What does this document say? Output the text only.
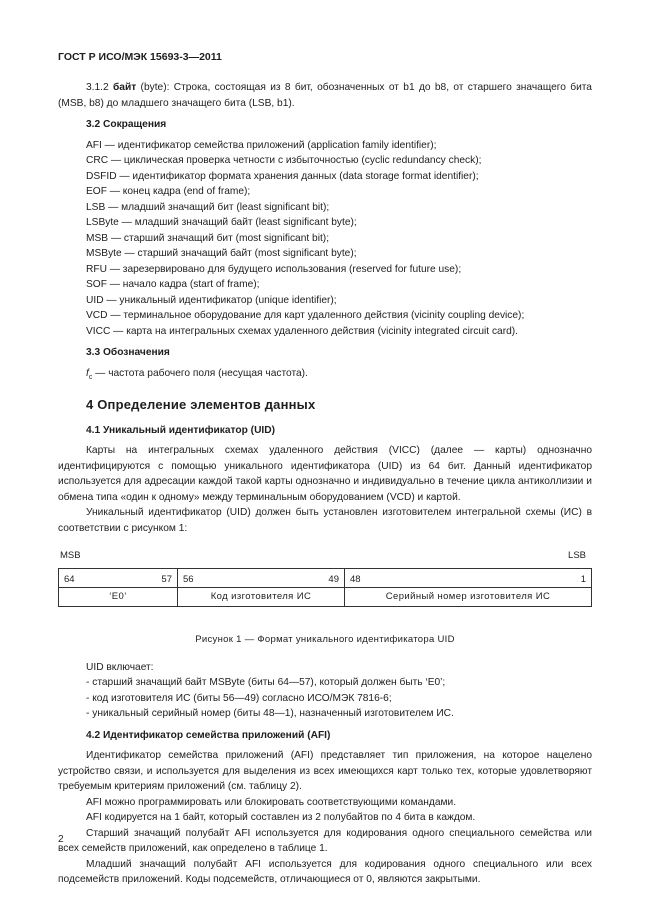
ГОСТ Р ИСО/МЭК 15693-3—2011

3.1.2 байт (byte): Строка, состоящая из 8 бит, обозначенных от b1 до b8, от старшего значащего бита (MSB, b8) до младшего значащего бита (LSB, b1).

3.2 Сокращения

AFI — идентификатор семейства приложений (application family identifier);

CRC — циклическая проверка четности с избыточностью (cyclic redundancy check);

DSFID — идентификатор формата хранения данных (data storage format identifier);

EOF — конец кадра (end of frame);

LSB — младший значащий бит (least significant bit);

LSByte — младший значащий байт (least significant byte);

MSB — старший значащий бит (most significant bit);

MSByte — старший значащий байт (most significant byte);

RFU — зарезервировано для будущего использования (reserved for future use);

SOF — начало кадра (start of frame);

UID — уникальный идентификатор (unique identifier);

VCD — терминальное оборудование для карт удаленного действия (vicinity coupling device);

VICC — карта на интегральных схемах удаленного действия (vicinity integrated circuit card).

3.3 Обозначения

$f_c$ — частота рабочего поля (несущая частота).

4 Определение элементов данных
4.1 Уникальный идентификатор (UID)

Карты на интегральных схемах удаленного действия (VICC) (далее — карты) однозначно идентифицируются с помощью уникального идентификатора (UID) из 64 бит. Данный идентификатор используется для адресации каждой такой карты однозначно и индивидуально в течение цикла антиколлизии и обмена типа «один к одному» между терминальным оборудованием (VCD) и картой.

Уникальный идентификатор (UID) должен быть установлен изготовителем интегральной схемы (ИС) в соответствии с рисунком 1:

MSB	LSB
64 57	56 49	48 1

‘E0’	Код изготовителя ИС	Серийный номер изготовителя ИС

Рисунок 1 — Формат уникального идентификатора UID

UID включает:

- старший значащий байт MSByte (биты 64—57), который должен быть ‘E0’;

- код изготовителя ИС (биты 56—49) согласно ИСО/МЭК 7816-6;

- уникальный серийный номер (биты 48—1), назначенный изготовителем ИС.

4.2 Идентификатор семейства приложений (AFI)

Идентификатор семейства приложений (AFI) представляет тип приложения, на которое нацелено устройство связи, и используется для выделения из всех имеющихся карт только тех, которые удовлетворяют требуемым критериям приложений (см. таблицу 2).

AFI можно программировать или блокировать соответствующими командами.

AFI кодируется на 1 байт, который составлен из 2 полубайтов по 4 бита в каждом.

Старший значащий полубайт AFI используется для кодирования одного специального семейства или всех семейств приложений, как определено в таблице 1.

Младший значащий полубайт AFI используется для кодирования одного специального или всех подсемейств приложений. Коды подсемейств, отличающиеся от 0, являются закрытыми.

2
